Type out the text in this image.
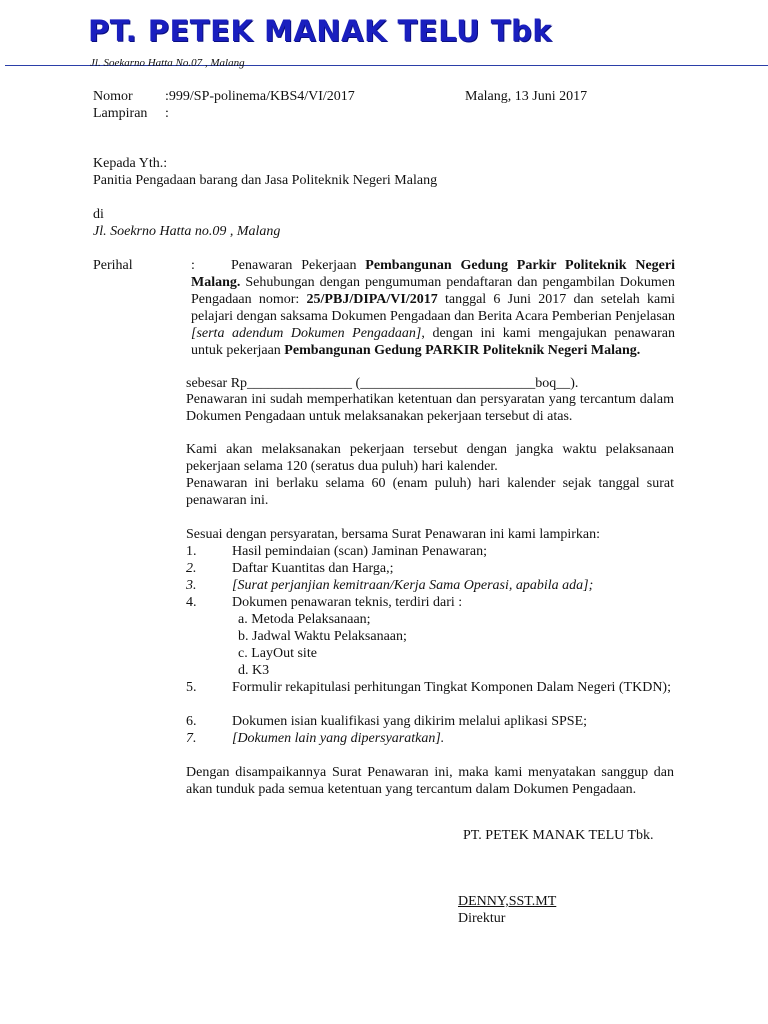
PT. PETEK MANAK TELU Tbk
Jl. Soekarno Hatta No.07 , Malang
Nomor :999/SP-polinema/KBS4/VI/2017	Malang, 13 Juni 2017
Lampiran :
Kepada Yth.:
Panitia Pengadaan barang dan Jasa Politeknik Negeri Malang
di
Jl. Soekrno Hatta no.09 , Malang
Perihal	:	Penawaran Pekerjaan Pembangunan Gedung Parkir Politeknik Negeri Malang. Sehubungan dengan pengumuman pendaftaran dan pengambilan Dokumen Pengadaan nomor: 25/PBJ/DIPA/VI/2017 tanggal 6 Juni 2017 dan setelah kami pelajari dengan saksama Dokumen Pengadaan dan Berita Acara Pemberian Penjelasan [serta adendum Dokumen Pengadaan], dengan ini kami mengajukan penawaran untuk pekerjaan Pembangunan Gedung PARKIR Politeknik Negeri Malang.
sebesar Rp_______________ (_________________________boq__).
Penawaran ini sudah memperhatikan ketentuan dan persyaratan yang tercantum dalam Dokumen Pengadaan untuk melaksanakan pekerjaan tersebut di atas.
Kami akan melaksanakan pekerjaan tersebut dengan jangka waktu pelaksanaan pekerjaan selama 120 (seratus dua puluh) hari kalender.
Penawaran ini berlaku selama 60 (enam puluh) hari kalender sejak tanggal surat penawaran ini.
Sesuai dengan persyaratan, bersama Surat Penawaran ini kami lampirkan:
1.	Hasil pemindaian (scan) Jaminan Penawaran;
2.	Daftar Kuantitas dan Harga,;
3.	[Surat perjanjian kemitraan/Kerja Sama Operasi, apabila ada];
4.	Dokumen penawaran teknis, terdiri dari :
a. Metoda Pelaksanaan;
b. Jadwal Waktu Pelaksanaan;
c. LayOut site
d. K3
5.	Formulir rekapitulasi perhitungan Tingkat Komponen Dalam Negeri (TKDN);
6.	Dokumen isian kualifikasi yang dikirim melalui aplikasi SPSE;
7.	[Dokumen lain yang dipersyaratkan].
Dengan disampaikannya Surat Penawaran ini, maka kami menyatakan sanggup dan akan tunduk pada semua ketentuan yang tercantum dalam Dokumen Pengadaan.
PT. PETEK MANAK TELU Tbk.
DENNY,SST.MT
Direktur
